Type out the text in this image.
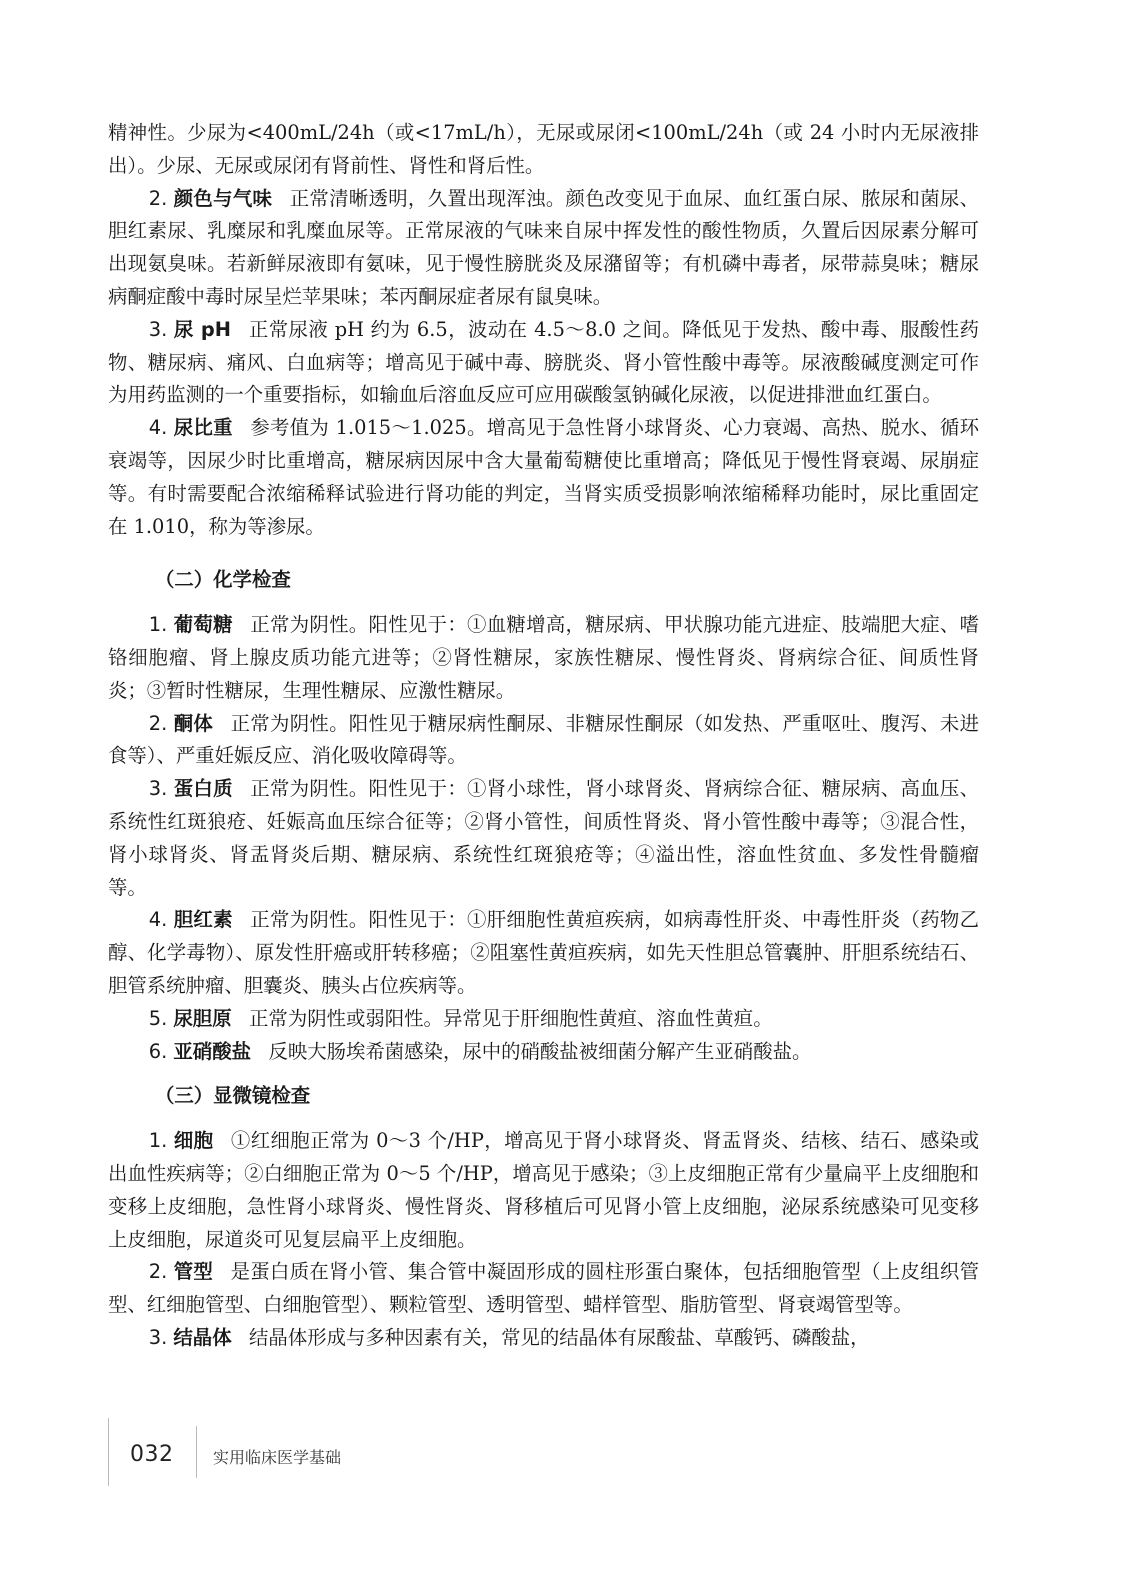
精神性。少尿为<400mL/24h（或<17mL/h），无尿或尿闭<100mL/24h（或 24 小时内无尿液排出）。少尿、无尿或尿闭有肾前性、肾性和肾后性。

2. 颜色与气味 正常清晰透明，久置出现浑浊。颜色改变见于血尿、血红蛋白尿、脓尿和菌尿、胆红素尿、乳糜尿和乳糜血尿等。正常尿液的气味来自尿中挥发性的酸性物质，久置后因尿素分解可出现氨臭味。若新鲜尿液即有氨味，见于慢性膀胱炎及尿潴留等；有机磷中毒者，尿带蒜臭味；糖尿病酮症酸中毒时尿呈烂苹果味；苯丙酮尿症者尿有鼠臭味。

3. 尿 pH 正常尿液 pH 约为 6.5，波动在 4.5～8.0 之间。降低见于发热、酸中毒、服酸性药物、糖尿病、痛风、白血病等；增高见于碱中毒、膀胱炎、肾小管性酸中毒等。尿液酸碱度测定可作为用药监测的一个重要指标，如输血后溶血反应可应用碳酸氢钠碱化尿液，以促进排泄血红蛋白。

4. 尿比重 参考值为 1.015～1.025。增高见于急性肾小球肾炎、心力衰竭、高热、脱水、循环衰竭等，因尿少时比重增高，糖尿病因尿中含大量葡萄糖使比重增高；降低见于慢性肾衰竭、尿崩症等。有时需要配合浓缩稀释试验进行肾功能的判定，当肾实质受损影响浓缩稀释功能时，尿比重固定在 1.010，称为等渗尿。

（二）化学检查

1. 葡萄糖 正常为阴性。阳性见于：①血糖增高，糖尿病、甲状腺功能亢进症、肢端肥大症、嗜铬细胞瘤、肾上腺皮质功能亢进等；②肾性糖尿，家族性糖尿、慢性肾炎、肾病综合征、间质性肾炎；③暂时性糖尿，生理性糖尿、应激性糖尿。

2. 酮体 正常为阴性。阳性见于糖尿病性酮尿、非糖尿性酮尿（如发热、严重呕吐、腹泻、未进食等）、严重妊娠反应、消化吸收障碍等。

3. 蛋白质 正常为阴性。阳性见于：①肾小球性，肾小球肾炎、肾病综合征、糖尿病、高血压、系统性红斑狼疮、妊娠高血压综合征等；②肾小管性，间质性肾炎、肾小管性酸中毒等；③混合性，肾小球肾炎、肾盂肾炎后期、糖尿病、系统性红斑狼疮等；④溢出性，溶血性贫血、多发性骨髓瘤等。

4. 胆红素 正常为阴性。阳性见于：①肝细胞性黄疸疾病，如病毒性肝炎、中毒性肝炎（药物乙醇、化学毒物）、原发性肝癌或肝转移癌；②阻塞性黄疸疾病，如先天性胆总管囊肿、肝胆系统结石、胆管系统肿瘤、胆囊炎、胰头占位疾病等。

5. 尿胆原 正常为阴性或弱阳性。异常见于肝细胞性黄疸、溶血性黄疸。

6. 亚硝酸盐 反映大肠埃希菌感染，尿中的硝酸盐被细菌分解产生亚硝酸盐。

（三）显微镜检查

1. 细胞 ①红细胞正常为 0～3 个/HP，增高见于肾小球肾炎、肾盂肾炎、结核、结石、感染或出血性疾病等；②白细胞正常为 0～5 个/HP，增高见于感染；③上皮细胞正常有少量扁平上皮细胞和变移上皮细胞，急性肾小球肾炎、慢性肾炎、肾移植后可见肾小管上皮细胞，泌尿系统感染可见变移上皮细胞，尿道炎可见复层扁平上皮细胞。

2. 管型 是蛋白质在肾小管、集合管中凝固形成的圆柱形蛋白聚体，包括细胞管型（上皮组织管型、红细胞管型、白细胞管型）、颗粒管型、透明管型、蜡样管型、脂肪管型、肾衰竭管型等。

3. 结晶体 结晶体形成与多种因素有关，常见的结晶体有尿酸盐、草酸钙、磷酸盐，

032 实用临床医学基础
